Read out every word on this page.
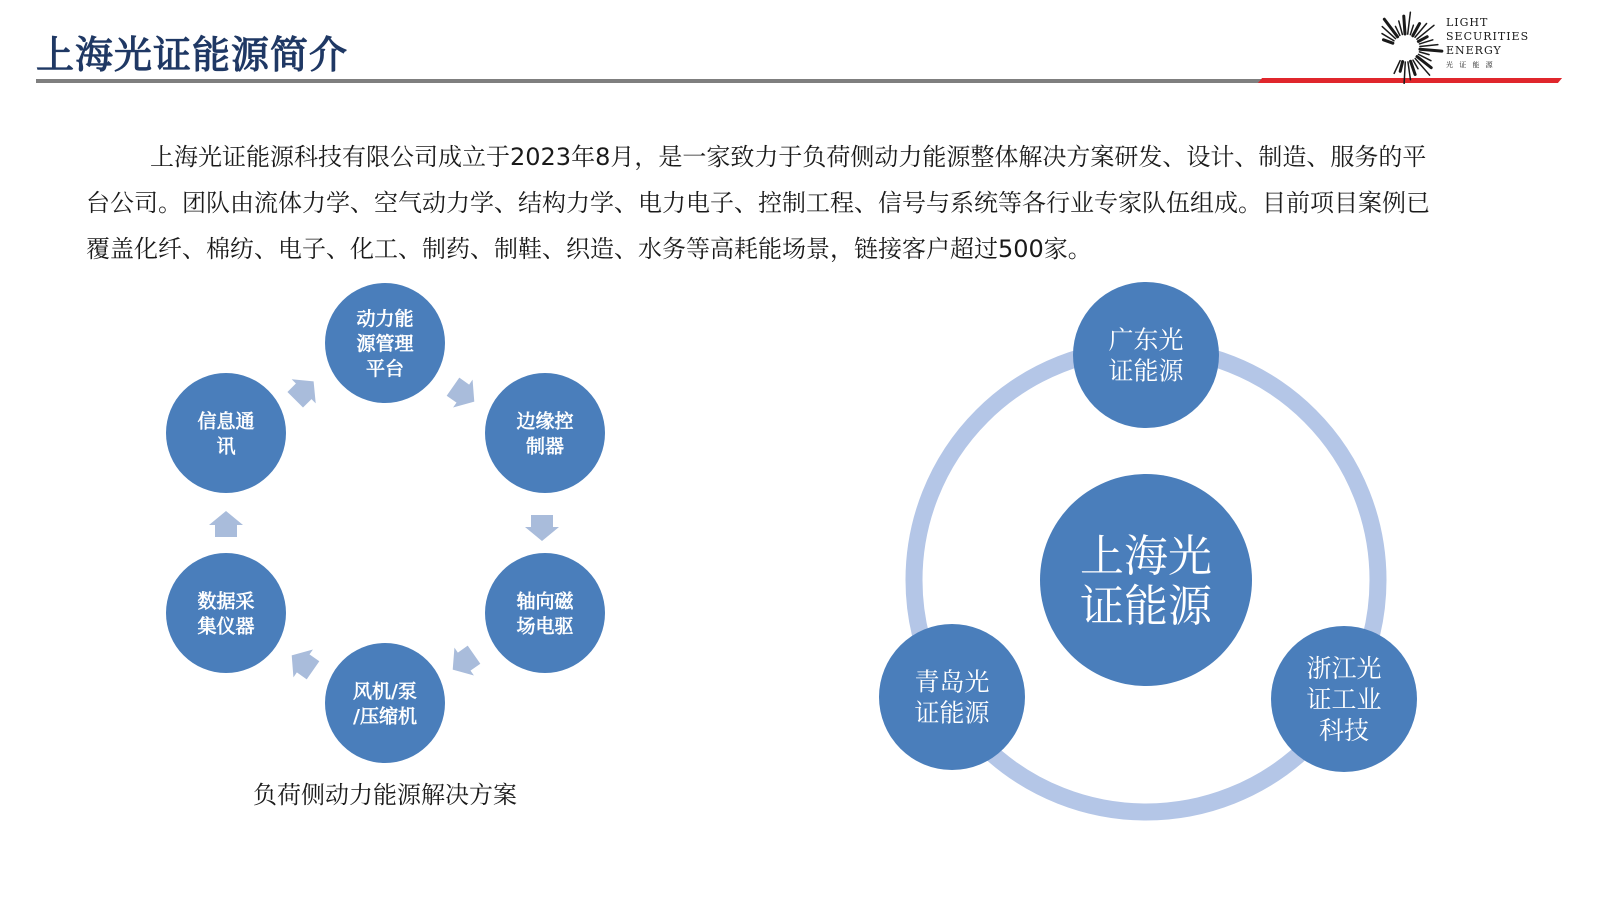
上海光证能源简介
LIGHT
SECURITIES
ENERGY
光 证 能 源

上海光证能源科技有限公司成立于2023年8月，是一家致力于负荷侧动力能源整体解决方案研发、设计、制造、服务的平台公司。团队由流体力学、空气动力学、结构力学、电力电子、控制工程、信号与系统等各行业专家队伍组成。目前项目案例已覆盖化纤、棉纺、电子、化工、制药、制鞋、织造、水务等高耗能场景，链接客户超过500家。

动力能
源管理
平台
边缘控
制器
轴向磁
场电驱
风机/泵
/压缩机
数据采
集仪器
信息通
讯
上海光
证能源
广东光
证能源
浙江光
证工业
科技
青岛光
证能源
负荷侧动力能源解决方案
